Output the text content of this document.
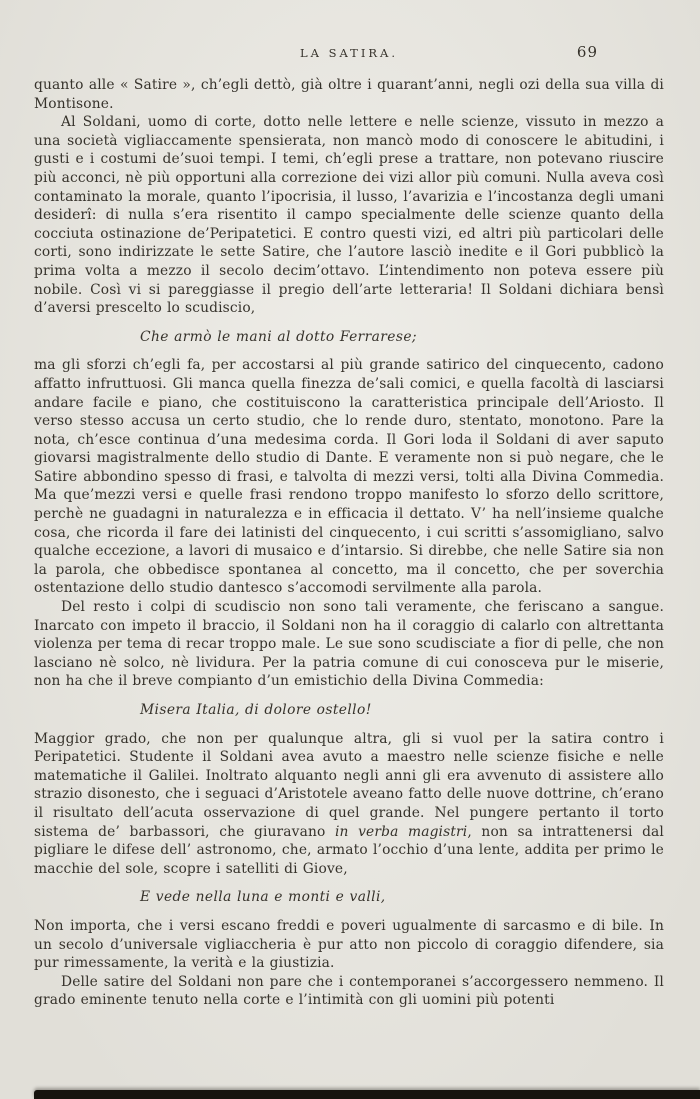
LA SATIRA.	69

quanto alle « Satire », ch’egli dettò, già oltre i quarant’anni, negli ozi della sua villa di Montisone.

Al Soldani, uomo di corte, dotto nelle lettere e nelle scienze, vissuto in mezzo a una società vigliaccamente spensierata, non mancò modo di conoscere le abitudini, i gusti e i costumi de’suoi tempi. I temi, ch’egli prese a trattare, non potevano riuscire più acconci, nè più opportuni alla correzione dei vizi allor più comuni. Nulla aveva così contaminato la morale, quanto l’ipocrisia, il lusso, l’avarizia e l’incostanza degli umani desiderî: di nulla s’era risentito il campo specialmente delle scienze quanto della cocciuta ostinazione de’Peripatetici. E contro questi vizi, ed altri più particolari delle corti, sono indirizzate le sette Satire, che l’autore lasciò inedite e il Gori pubblicò la prima volta a mezzo il secolo decim’ottavo. L’intendimento non poteva essere più nobile. Così vi si pareggiasse il pregio dell’arte letteraria! Il Soldani dichiara bensì d’aversi prescelto lo scudiscio,

Che armò le mani al dotto Ferrarese;

ma gli sforzi ch’egli fa, per accostarsi al più grande satirico del cinquecento, cadono affatto infruttuosi. Gli manca quella finezza de’sali comici, e quella facoltà di lasciarsi andare facile e piano, che costituiscono la caratteristica principale dell’Ariosto. Il verso stesso accusa un certo studio, che lo rende duro, stentato, monotono. Pare la nota, ch’esce continua d’una medesima corda. Il Gori loda il Soldani di aver saputo giovarsi magistralmente dello studio di Dante. E veramente non si può negare, che le Satire abbondino spesso di frasi, e talvolta di mezzi versi, tolti alla Divina Commedia. Ma que’mezzi versi e quelle frasi rendono troppo manifesto lo sforzo dello scrittore, perchè ne guadagni in naturalezza e in efficacia il dettato. V’ ha nell’insieme qualche cosa, che ricorda il fare dei latinisti del cinquecento, i cui scritti s’assomigliano, salvo qualche eccezione, a lavori di musaico e d’intarsio. Si direbbe, che nelle Satire sia non la parola, che obbedisce spontanea al concetto, ma il concetto, che per soverchia ostentazione dello studio dantesco s’accomodi servilmente alla parola.

Del resto i colpi di scudiscio non sono tali veramente, che feriscano a sangue. Inarcato con impeto il braccio, il Soldani non ha il coraggio di calarlo con altrettanta violenza per tema di recar troppo male. Le sue sono scudisciate a fior di pelle, che non lasciano nè solco, nè lividura. Per la patria comune di cui conosceva pur le miserie, non ha che il breve compianto d’un emistichio della Divina Commedia:

Misera Italia, di dolore ostello!

Maggior grado, che non per qualunque altra, gli si vuol per la satira contro i Peripatetici. Studente il Soldani avea avuto a maestro nelle scienze fisiche e nelle matematiche il Galilei. Inoltrato alquanto negli anni gli era avvenuto di assistere allo strazio disonesto, che i seguaci d’Aristotele aveano fatto delle nuove dottrine, ch’erano il risultato dell’acuta osservazione di quel grande. Nel pungere pertanto il torto sistema de’ barbassori, che giuravano in verba magistri, non sa intrattenersi dal pigliare le difese dell’ astronomo, che, armato l’occhio d’una lente, addita per primo le macchie del sole, scopre i satelliti di Giove,

E vede nella luna e monti e valli,

Non importa, che i versi escano freddi e poveri ugualmente di sarcasmo e di bile. In un secolo d’universale vigliaccheria è pur atto non piccolo di coraggio difendere, sia pur rimessamente, la verità e la giustizia.

Delle satire del Soldani non pare che i contemporanei s’accorgessero nemmeno. Il grado eminente tenuto nella corte e l’intimità con gli uomini più potenti
